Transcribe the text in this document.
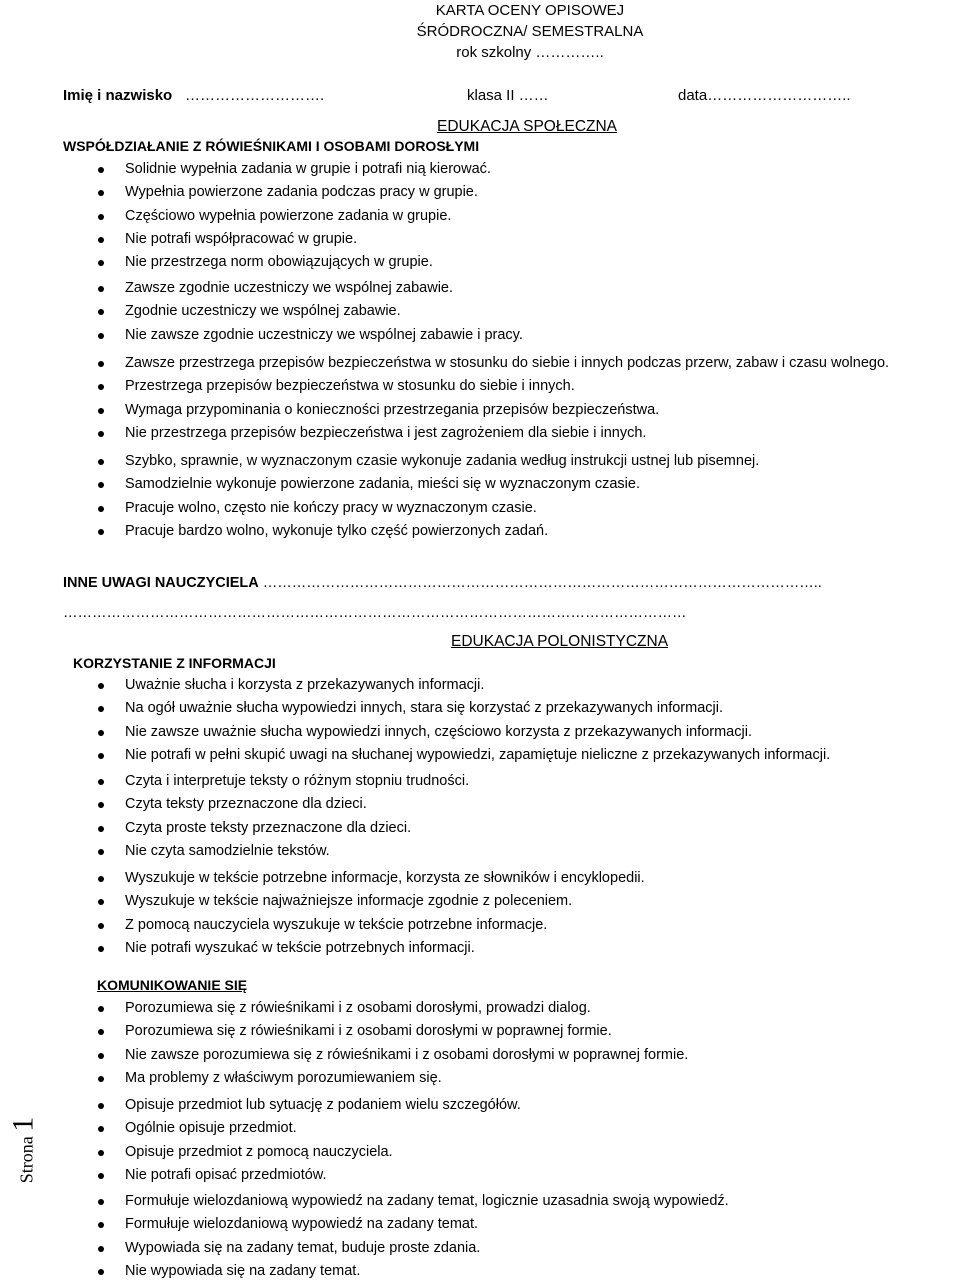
KARTA OCENY OPISOWEJ
ŚRÓDROCZNA/ SEMESTRALNA
rok szkolny …………..
Imię i nazwisko ……………………….	klasa II ……	data………………………..
EDUKACJA SPOŁECZNA
WSPÓŁDZIAŁANIE Z RÓWIEŚNIKAMI I OSOBAMI DOROSŁYMI
Solidnie wypełnia zadania w grupie i potrafi nią kierować.
Wypełnia powierzone zadania podczas pracy w grupie.
Częściowo wypełnia powierzone zadania w grupie.
Nie potrafi współpracować w grupie.
Nie przestrzega norm obowiązujących w grupie.
Zawsze zgodnie uczestniczy we wspólnej zabawie.
Zgodnie uczestniczy we wspólnej zabawie.
Nie zawsze zgodnie uczestniczy we wspólnej zabawie i pracy.
Zawsze przestrzega przepisów bezpieczeństwa w stosunku do siebie i innych podczas przerw, zabaw i czasu wolnego.
Przestrzega przepisów bezpieczeństwa w stosunku do siebie i innych.
Wymaga przypominania o konieczności przestrzegania przepisów bezpieczeństwa.
Nie przestrzega przepisów bezpieczeństwa i jest zagrożeniem dla siebie i innych.
Szybko, sprawnie, w wyznaczonym czasie wykonuje zadania według instrukcji ustnej lub pisemnej.
Samodzielnie wykonuje powierzone zadania, mieści się w wyznaczonym czasie.
Pracuje wolno, często nie kończy pracy w wyznaczonym czasie.
Pracuje bardzo wolno, wykonuje tylko część powierzonych zadań.
INNE UWAGI NAUCZYCIELA ……………………………………………………………………………………………………..
…………………………………………………………………………………………………………………
EDUKACJA POLONISTYCZNA
KORZYSTANIE Z INFORMACJI
Uważnie słucha i korzysta z przekazywanych informacji.
Na ogół uważnie słucha wypowiedzi innych, stara się korzystać z przekazywanych informacji.
Nie zawsze uważnie słucha wypowiedzi innych, częściowo korzysta z przekazywanych informacji.
Nie potrafi w pełni skupić uwagi na słuchanej wypowiedzi, zapamiętuje nieliczne z przekazywanych informacji.
Czyta i interpretuje teksty o różnym stopniu trudności.
Czyta teksty przeznaczone dla dzieci.
Czyta proste teksty przeznaczone dla dzieci.
Nie czyta samodzielnie tekstów.
Wyszukuje w tekście potrzebne informacje, korzysta ze słowników i encyklopedii.
Wyszukuje w tekście najważniejsze informacje zgodnie z poleceniem.
Z pomocą nauczyciela wyszukuje w tekście potrzebne informacje.
Nie potrafi wyszukać w tekście potrzebnych informacji.
KOMUNIKOWANIE SIĘ
Porozumiewa się z rówieśnikami i z osobami dorosłymi, prowadzi dialog.
Porozumiewa się z rówieśnikami i z osobami dorosłymi w poprawnej formie.
Nie zawsze porozumiewa się z rówieśnikami i z osobami dorosłymi w poprawnej formie.
Ma problemy z właściwym porozumiewaniem się.
Opisuje przedmiot lub sytuację z podaniem wielu szczegółów.
Ogólnie opisuje przedmiot.
Opisuje przedmiot z pomocą nauczyciela.
Nie potrafi opisać przedmiotów.
Formułuje wielozdaniową wypowiedź na zadany temat, logicznie uzasadnia swoją wypowiedź.
Formułuje wielozdaniową wypowiedź na zadany temat.
Wypowiada się na zadany temat, buduje proste zdania.
Nie wypowiada się na zadany temat.
Strona 1
